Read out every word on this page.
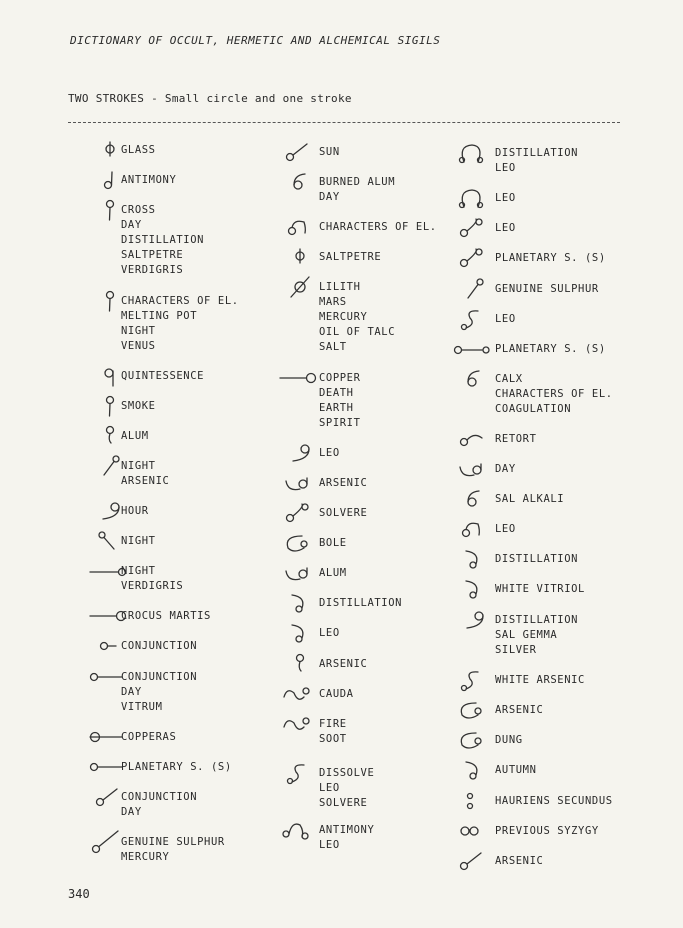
DICTIONARY OF OCCULT, HERMETIC AND ALCHEMICAL SIGILS
TWO STROKES - Small circle and one stroke
GLASS
ANTIMONY
CROSS
DAY
DISTILLATION
SALTPETRE
VERDIGRIS
CHARACTERS OF EL.
MELTING POT
NIGHT
VENUS
QUINTESSENCE
SMOKE
ALUM
NIGHT
ARSENIC
HOUR
NIGHT
NIGHT
VERDIGRIS
CROCUS MARTIS
CONJUNCTION
CONJUNCTION
DAY
VITRUM
COPPERAS
PLANETARY S. (S)
CONJUNCTION
DAY
GENUINE SULPHUR
MERCURY
SUN
BURNED ALUM
DAY
CHARACTERS OF EL.
SALTPETRE
LILITH
MARS
MERCURY
OIL OF TALC
SALT
COPPER
DEATH
EARTH
SPIRIT
LEO
ARSENIC
SOLVERE
BOLE
ALUM
DISTILLATION
LEO
ARSENIC
CAUDA
FIRE
SOOT
DISSOLVE
LEO
SOLVERE
ANTIMONY
LEO
DISTILLATION
LEO
LEO
LEO
PLANETARY S. (S)
GENUINE SULPHUR
LEO
PLANETARY S. (S)
CALX
CHARACTERS OF EL.
COAGULATION
RETORT
DAY
SAL ALKALI
LEO
DISTILLATION
WHITE VITRIOL
DISTILLATION
SAL GEMMA
SILVER
WHITE ARSENIC
ARSENIC
DUNG
AUTUMN
HAURIENS SECUNDUS
PREVIOUS SYZYGY
ARSENIC
340
